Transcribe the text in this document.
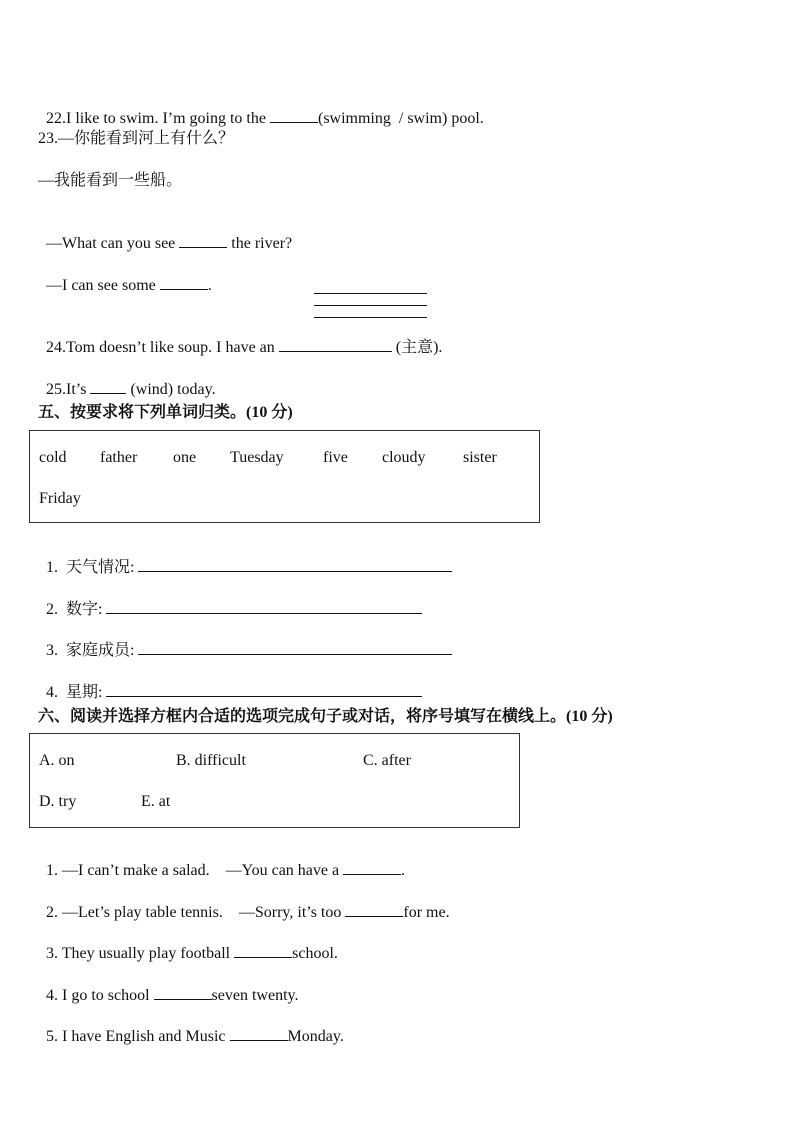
22.I like to swim. I’m going to the	(swimming  / swim) pool.

23.—你能看到河上有什么？
—我能看到一些船。

—What can you see	the river?

—I can see some	.

24.Tom doesn’t like soup. I have an	(主意).

25.It’s  (wind) today.

五、按要求将下列单词归类。(10 分)
cold father one Tuesday five cloudy sister
Friday

1.  天气情况:

2.  数字:

3.  家庭成员:

4.  星期:

六、阅读并选择方框内合适的选项完成句子或对话，将序号填写在横线上。(10 分)
A. on	B. difficult	C. after
D. try	E. at

1. —I can’t make a salad.    —You can have a	.

2. —Let’s play table tennis.    —Sorry, it’s too	for me.

3. They usually play football	school.

4. I go to school	seven twenty.

5. I have English and Music	Monday.
